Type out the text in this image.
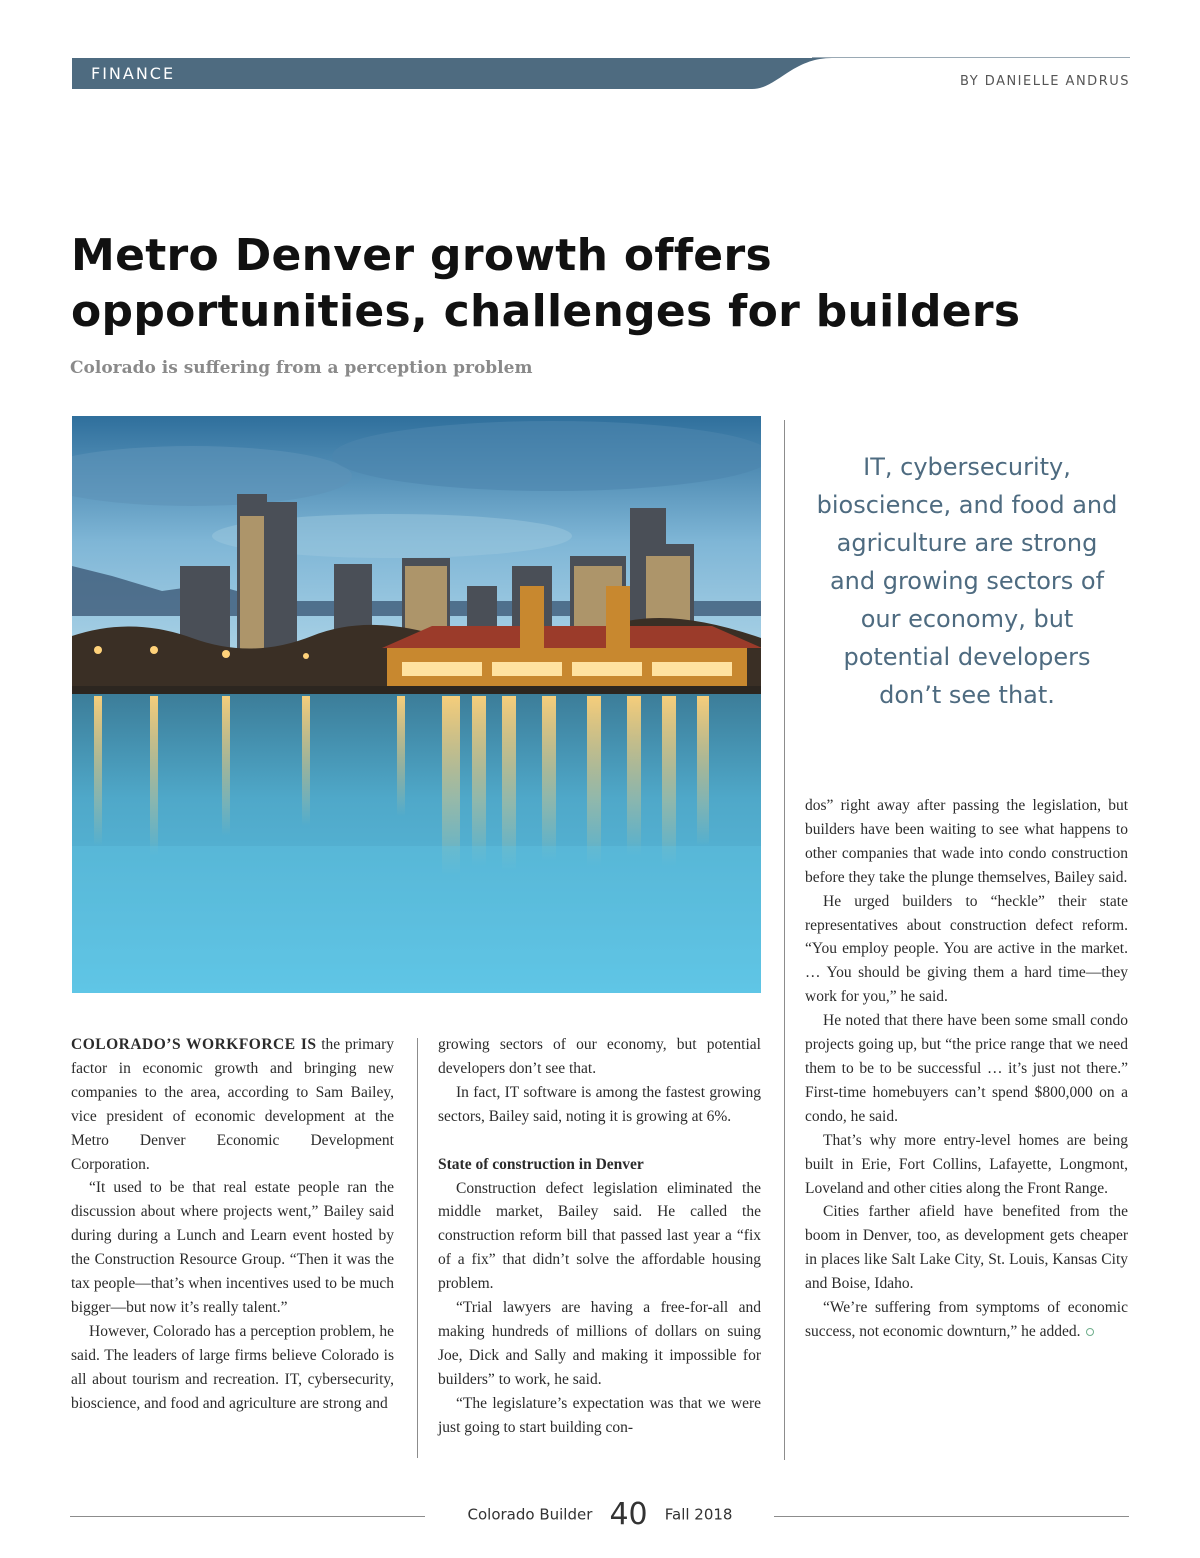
FINANCE	BY DANIELLE ANDRUS
Metro Denver growth offers
opportunities, challenges for builders
Colorado is suffering from a perception problem
IT, cybersecurity, bioscience, and food and agriculture are strong and growing sectors of our economy, but potential developers don’t see that.

COLORADO’S WORKFORCE IS the primary factor in economic growth and bringing new companies to the area, according to Sam Bailey, vice president of economic development at the Metro Denver Economic Development Corporation.

“It used to be that real estate people ran the discussion about where projects went,” Bailey said during during a Lunch and Learn event hosted by the Construction Resource Group. “Then it was the tax people—that’s when incentives used to be much bigger—but now it’s really talent.”

However, Colorado has a perception problem, he said. The leaders of large firms believe Colorado is all about tourism and recreation. IT, cybersecurity, bioscience, and food and agriculture are strong and

growing sectors of our economy, but potential developers don’t see that.

In fact, IT software is among the fastest growing sectors, Bailey said, noting it is growing at 6%.

State of construction in Denver

Construction defect legislation eliminated the middle market, Bailey said. He called the construction reform bill that passed last year a “fix of a fix” that didn’t solve the affordable housing problem.

“Trial lawyers are having a free-for-all and making hundreds of millions of dollars on suing Joe, Dick and Sally and making it impossible for builders” to work, he said.

“The legislature’s expectation was that we were just going to start building con-

dos” right away after passing the legislation, but builders have been waiting to see what happens to other companies that wade into condo construction before they take the plunge themselves, Bailey said.

He urged builders to “heckle” their state representatives about construction defect reform. “You employ people. You are active in the market. … You should be giving them a hard time—they work for you,” he said.

He noted that there have been some small condo projects going up, but “the price range that we need them to be to be successful … it’s just not there.” First-time homebuyers can’t spend $800,000 on a condo, he said.

That’s why more entry-level homes are being built in Erie, Fort Collins, Lafayette, Longmont, Loveland and other cities along the Front Range.

Cities farther afield have benefited from the boom in Denver, too, as development gets cheaper in places like Salt Lake City, St. Louis, Kansas City and Boise, Idaho.

“We’re suffering from symptoms of economic success, not economic downturn,” he added.

Colorado Builder 40 Fall 2018
